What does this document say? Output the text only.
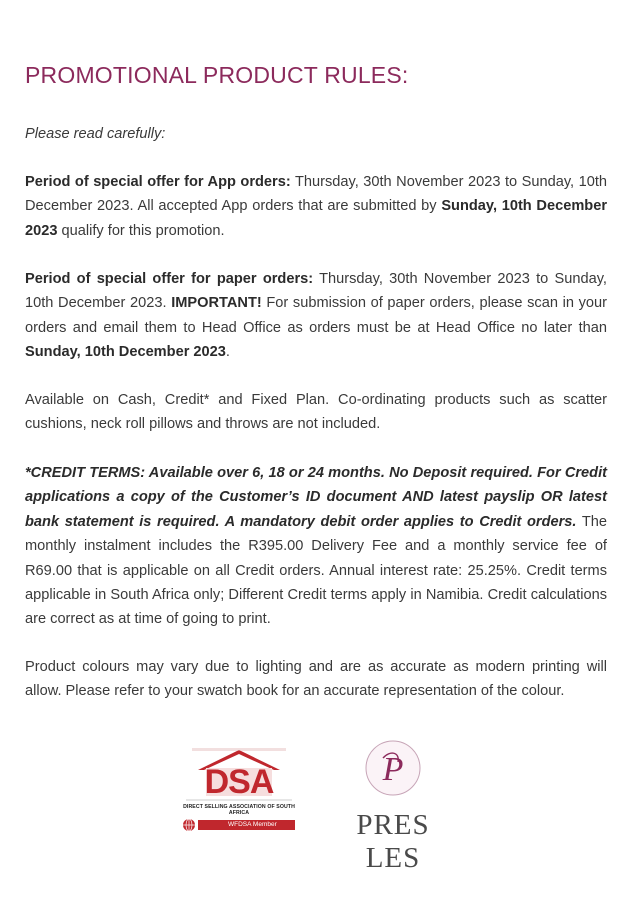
PROMOTIONAL PRODUCT RULES:

Please read carefully:

Period of special offer for App orders: Thursday, 30th November 2023 to Sunday, 10th December 2023. All accepted App orders that are submitted by Sunday, 10th December 2023 qualify for this promotion.

Period of special offer for paper orders: Thursday, 30th November 2023 to Sunday, 10th December 2023. IMPORTANT! For submission of paper orders, please scan in your orders and email them to Head Office as orders must be at Head Office no later than Sunday, 10th December 2023.

Available on Cash, Credit* and Fixed Plan. Co-ordinating products such as scatter cushions, neck roll pillows and throws are not included.

*CREDIT TERMS: Available over 6, 18 or 24 months. No Deposit required. For Credit applications a copy of the Customer’s ID document AND latest payslip OR latest bank statement is required. A mandatory debit order applies to Credit orders. The monthly instalment includes the R395.00 Delivery Fee and a monthly service fee of R69.00 that is applicable on all Credit orders. Annual interest rate: 25.25%. Credit terms applicable in South Africa only; Different Credit terms apply in Namibia. Credit calculations are correct as at time of going to print.

Product colours may vary due to lighting and are as accurate as modern printing will allow. Please refer to your swatch book for an accurate representation of the colour.

DSA
DIRECT SELLING ASSOCIATION OF SOUTH AFRICA
WFDSA Member
P
PRES LES
